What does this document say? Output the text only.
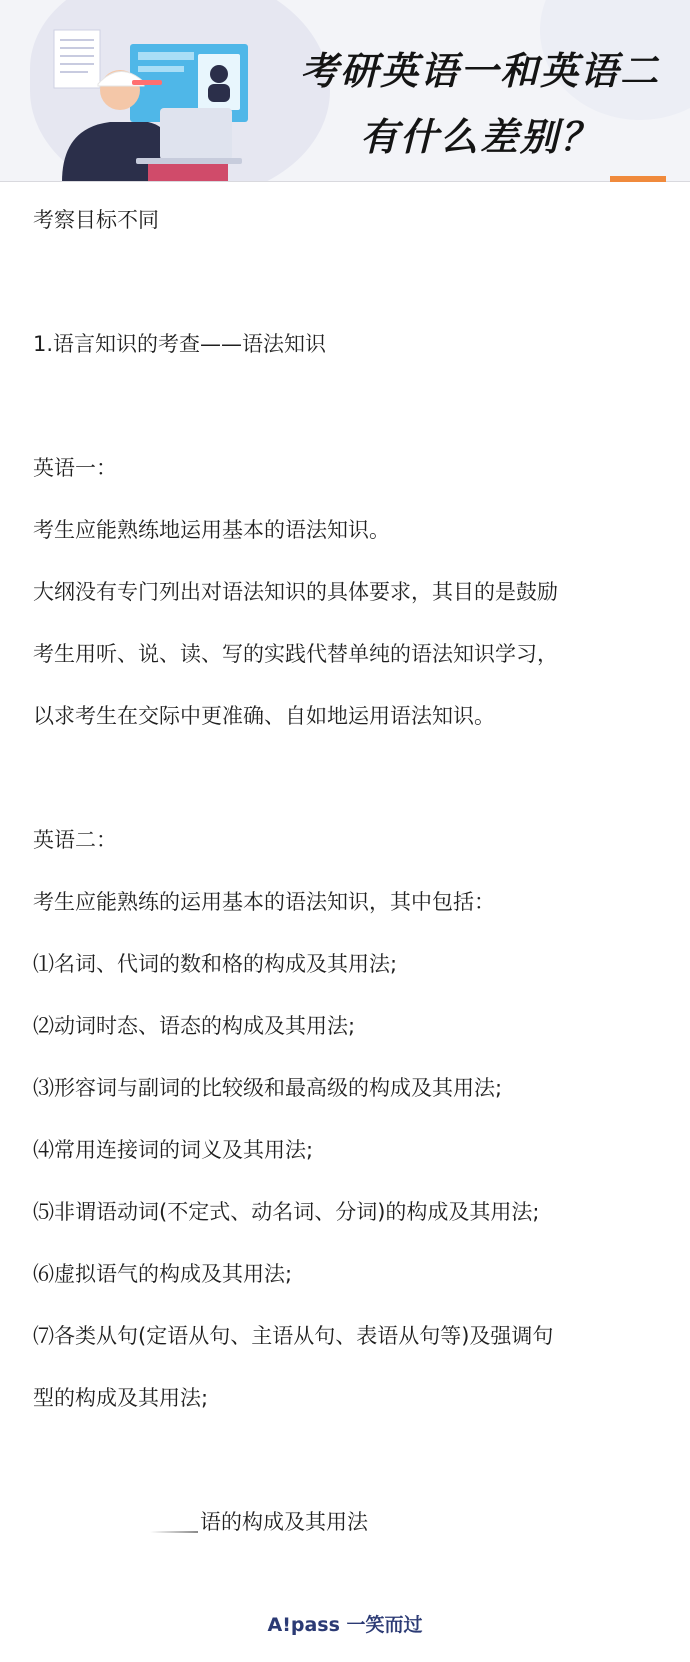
考研英语一和英语二
有什么差别？
考察目标不同
1.语言知识的考查——语法知识
英语一：
考生应能熟练地运用基本的语法知识。
大纲没有专门列出对语法知识的具体要求，其目的是鼓励
考生用听、说、读、写的实践代替单纯的语法知识学习，
以求考生在交际中更准确、自如地运用语法知识。
英语二：
考生应能熟练的运用基本的语法知识，其中包括：
⑴名词、代词的数和格的构成及其用法;
⑵动词时态、语态的构成及其用法;
⑶形容词与副词的比较级和最高级的构成及其用法;
⑷常用连接词的词义及其用法;
⑸非谓语动词(不定式、动名词、分词)的构成及其用法;
⑹虚拟语气的构成及其用法;
⑺各类从句(定语从句、主语从句、表语从句等)及强调句
型的构成及其用法;
语的构成及其用法
A!pass 一笑而过
